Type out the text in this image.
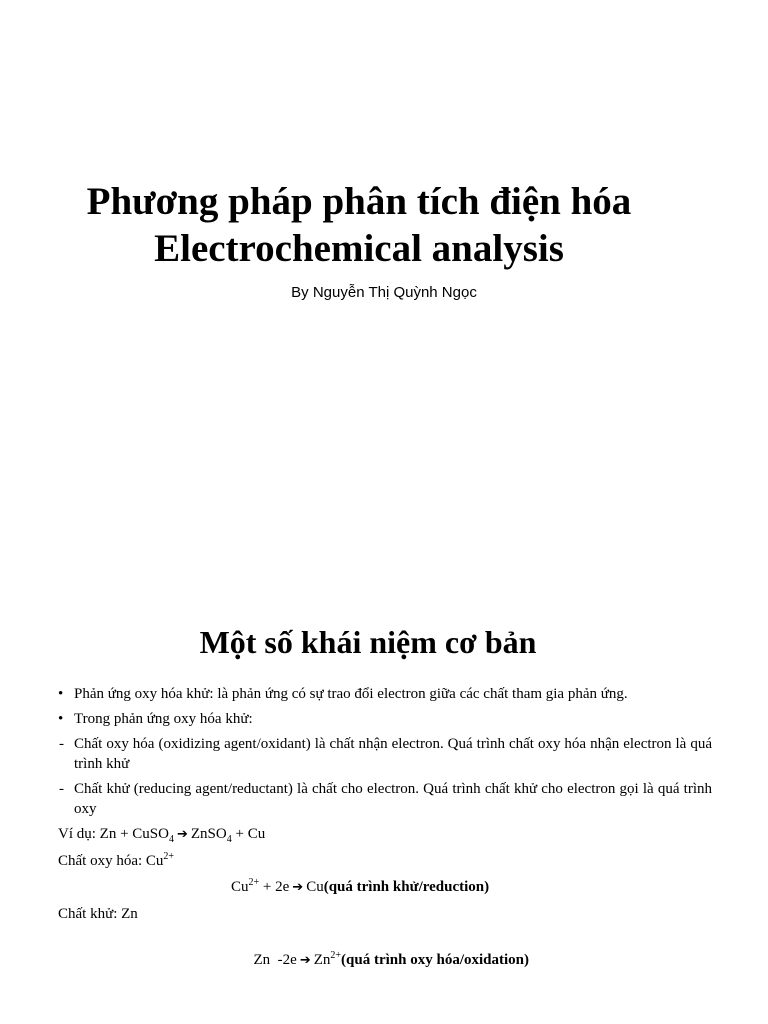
Phương pháp phân tích điện hóa
Electrochemical analysis
By Nguyễn Thị Quỳnh Ngọc
Một số khái niệm cơ bản
• Phản ứng oxy hóa khử: là phản ứng có sự trao đổi electron giữa các chất tham gia phản ứng.
• Trong phản ứng oxy hóa khử:
- Chất oxy hóa (oxidizing agent/oxidant) là chất nhận electron. Quá trình chất oxy hóa nhận electron là quá trình khử
- Chất khử (reducing agent/reductant) là chất cho electron. Quá trình chất khử cho electron gọi là quá trình oxy
Ví dụ: Zn + CuSO$_4$ ➔ ZnSO$_4$ + Cu
Chất oxy hóa: $Cu^{2+}$
$Cu^{2+} + 2e$ ➔ Cu(quá trình khử/reduction)
Chất khử: Zn

Zn  -2e ➔ $Zn^{2+}(quá$ trình oxy hóa/oxidation)
